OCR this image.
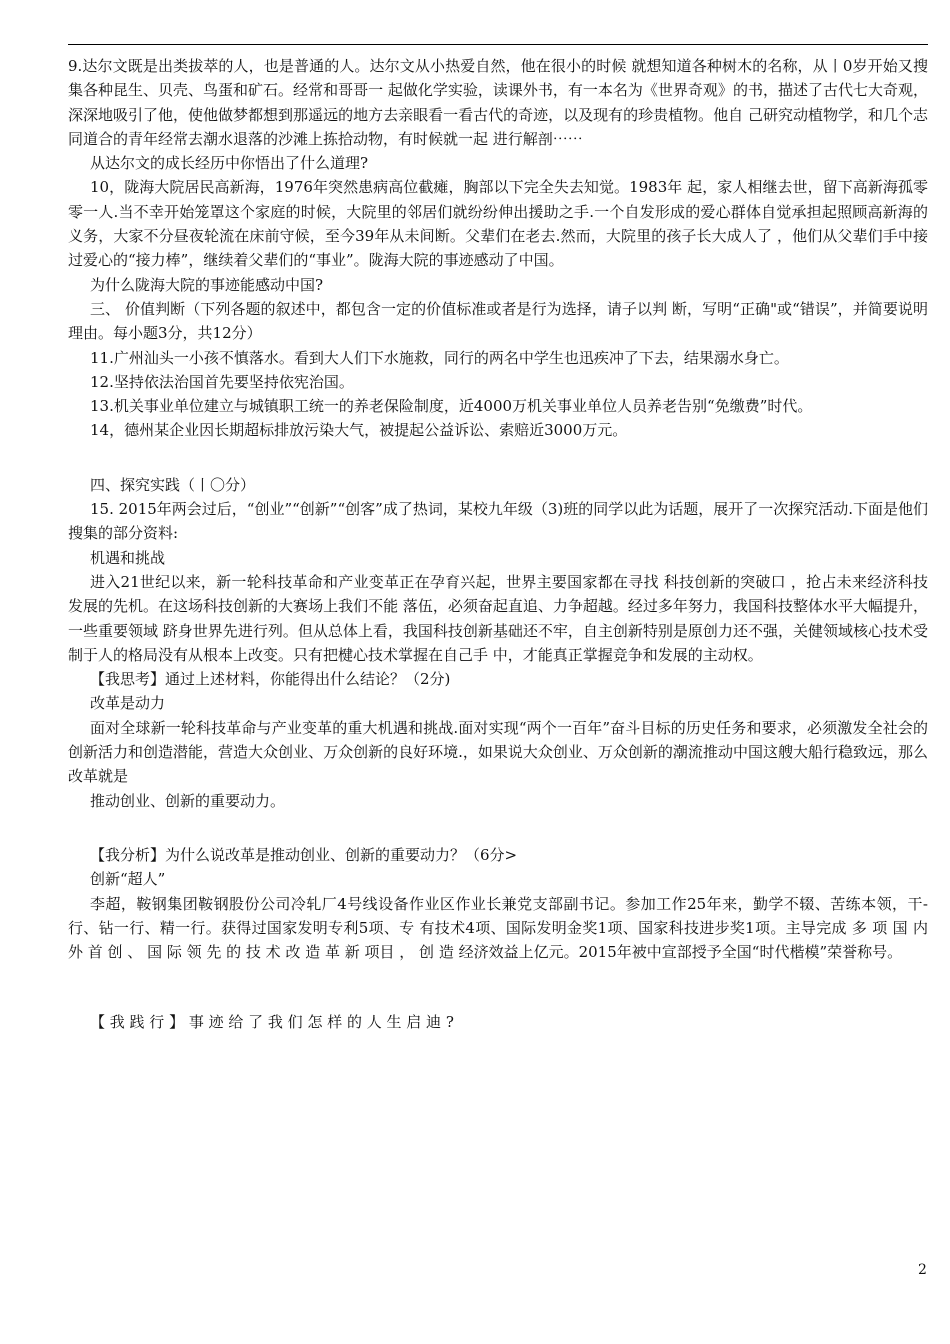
9.达尔文既是出类拔萃的人，也是普通的人。达尔文从小热爱自然，他在很小的时候 就想知道各种树木的名称，从丨0岁开始又搜集各种昆生、贝壳、鸟蛋和矿石。经常和哥哥一 起做化学实验，读课外书，有一本名为《世界奇观》的书，描述了古代七大奇观，深深地吸引了他，使他做梦都想到那遥远的地方去亲眼看一看古代的奇迹，以及现有的珍贵植物。他自 己研究动植物学，和几个志同道合的青年经常去潮水退落的沙滩上拣拾动物，有时候就一起 进行解剖⋯⋯

从达尔文的成长经历中你悟出了什么道理?

10，陇海大院居民高新海，1976年突然患病高位截瘫，胸部以下完全失去知觉。1983年 起，家人相继去世，留下高新海孤零零一人.当不幸开始笼罩这个家庭的时候，大院里的邻居们就纷纷伸出援助之手.一个自发形成的爱心群体自觉承担起照顾高新海的义务，大家不分昼夜轮流在床前守候，至今39年从未间断。父辈们在老去.然而，大院里的孩子长大成人了 ，他们从父辈们手中接过爱心的“接力棒”，继续着父辈们的“事业”。陇海大院的事迹感动了中国。

为什么陇海大院的事迹能感动中国?

三、 价值判断（下列各题的叙述中，都包含一定的价值标准或者是行为选择，请子以判 断，写明“正确"或“错误”，并简要说明理由。每小题3分，共12分）

11.广州汕头一小孩不慎落水。看到大人们下水施救，同行的两名中学生也迅疾冲了下去，结果溺水身亡。

12.坚持依法治国首先要坚持依宪治国。

13.机关事业单位建立与城镇职工统一的养老保险制度，近4000万机关事业单位人员养老告别“免缴费”时代。

14，德州某企业因长期超标排放污染大气，被提起公益诉讼、索赔近3000万元。

四、探究实践（丨〇分）

15. 2015年两会过后，“创业”“创新”“创客”成了热词，某校九年级（3)班的同学以此为话题，展开了一次探究活动.下面是他们搜集的部分资料:

机遇和挑战

进入21世纪以来，新一轮科技革命和产业变革正在孕育兴起，世界主要国家都在寻找 科技创新的突破口 ，抢占未来经济科技发展的先机。在这场科技创新的大赛场上我们不能 落伍，必须奋起直追、力争超越。经过多年努力，我国科技整体水平大幅提升，一些重要领域 跻身世界先进行列。但从总体上看，我国科技创新基础还不牢，自主创新特别是原创力还不强，关健领域核心技术受制于人的格局没有从根本上改变。只有把楗心技术掌握在自己手 中，才能真正掌握竞争和发展的主动权。

【我思考】通过上述材料，你能得出什么结论？（2分)

改革是动力

面对全球新一轮科技革命与产业变革的重大机遇和挑战.面对实现“两个一百年”奋斗目标的历史任务和要求，必须激发全社会的创新活力和创造潜能，营造大众创业、万众创新的良好环境.，如果说大众创业、万众创新的潮流推动中国这艘大船行稳致远，那么改革就是

推动创业、创新的重要动力。

【我分析】为什么说改革是推动创业、创新的重要动力？（6分>

创新“超人”

李超，鞍钢集团鞍钢股份公司冷轧厂4号线设备作业区作业长兼党支部副书记。参加工作25年来，勤学不辍、苦练本领，干-行、钻一行、精一行。获得过国家发明专利5项、专 有技术4项、国际发明金奖1项、国家科技进步奖1项。主导完成 多 项 国 内 外 首 创 、 国 际 领 先 的 技 术 改 造 革 新 项目 ， 创 造 经济效益上亿元。2015年被中宣部授予全国“时代楷模”荣誉称号。

【 我 践 行 】 事 迹 给 了 我 们 怎 样 的 人 生 启 迪 ?

2
